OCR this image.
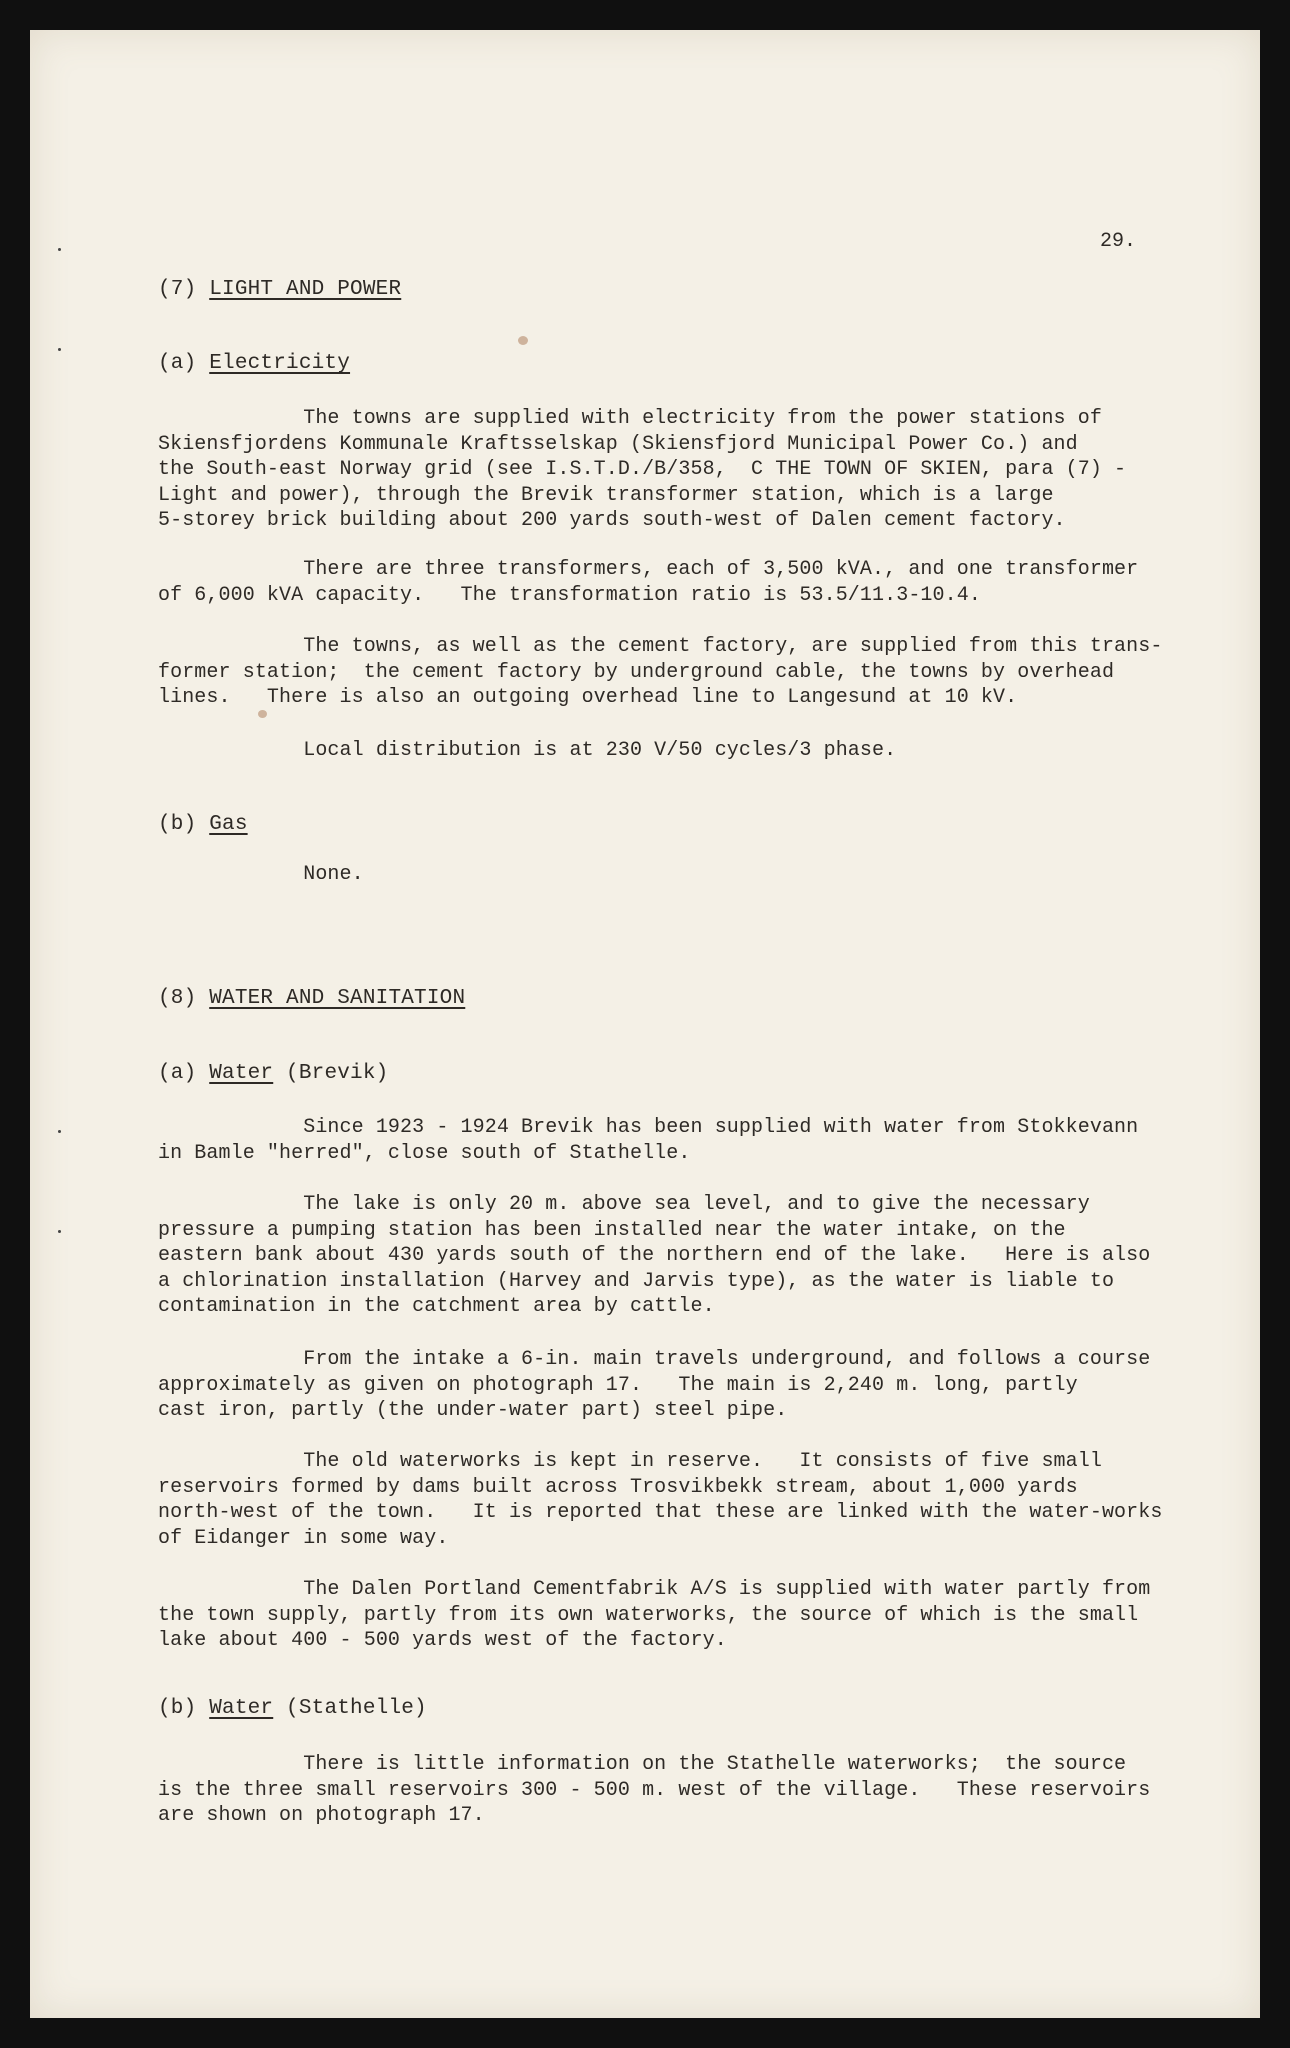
29.
(7) LIGHT AND POWER
(a) Electricity
The towns are supplied with electricity from the power stations of
Skiensfjordens Kommunale Kraftsselskap (Skiensfjord Municipal Power Co.) and
the South-east Norway grid (see I.S.T.D./B/358,  C THE TOWN OF SKIEN, para (7) -
Light and power), through the Brevik transformer station, which is a large
5-storey brick building about 200 yards south-west of Dalen cement factory.
There are three transformers, each of 3,500 kVA., and one transformer
of 6,000 kVA capacity.   The transformation ratio is 53.5/11.3-10.4.
The towns, as well as the cement factory, are supplied from this trans-
former station;  the cement factory by underground cable, the towns by overhead
lines.   There is also an outgoing overhead line to Langesund at 10 kV.
Local distribution is at 230 V/50 cycles/3 phase.
(b) Gas
None.
(8) WATER AND SANITATION
(a) Water (Brevik)
Since 1923 - 1924 Brevik has been supplied with water from Stokkevann
in Bamle "herred", close south of Stathelle.
The lake is only 20 m. above sea level, and to give the necessary
pressure a pumping station has been installed near the water intake, on the
eastern bank about 430 yards south of the northern end of the lake.   Here is also
a chlorination installation (Harvey and Jarvis type), as the water is liable to
contamination in the catchment area by cattle.
From the intake a 6-in. main travels underground, and follows a course
approximately as given on photograph 17.   The main is 2,240 m. long, partly
cast iron, partly (the under-water part) steel pipe.
The old waterworks is kept in reserve.   It consists of five small
reservoirs formed by dams built across Trosvikbekk stream, about 1,000 yards
north-west of the town.   It is reported that these are linked with the water-works
of Eidanger in some way.
The Dalen Portland Cementfabrik A/S is supplied with water partly from
the town supply, partly from its own waterworks, the source of which is the small
lake about 400 - 500 yards west of the factory.
(b) Water (Stathelle)
There is little information on the Stathelle waterworks;  the source
is the three small reservoirs 300 - 500 m. west of the village.   These reservoirs
are shown on photograph 17.
